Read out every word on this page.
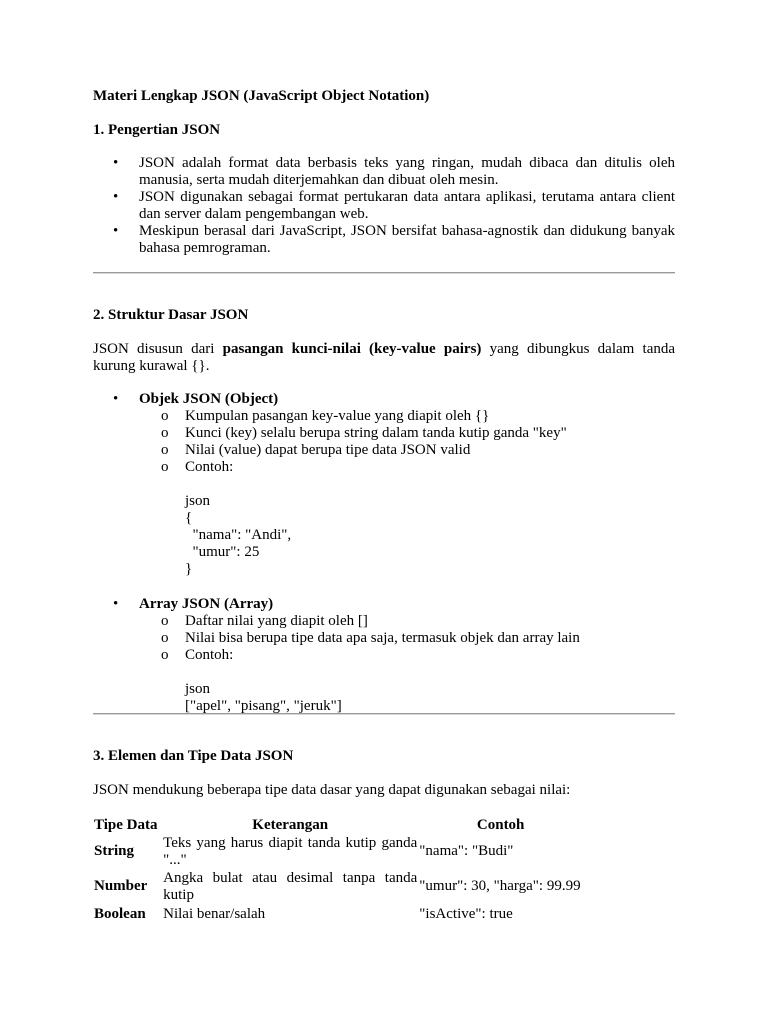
Materi Lengkap JSON (JavaScript Object Notation)
1. Pengertian JSON
• JSON adalah format data berbasis teks yang ringan, mudah dibaca dan ditulis oleh manusia, serta mudah diterjemahkan dan dibuat oleh mesin.
• JSON digunakan sebagai format pertukaran data antara aplikasi, terutama antara client dan server dalam pengembangan web.
• Meskipun berasal dari JavaScript, JSON bersifat bahasa-agnostik dan didukung banyak bahasa pemrograman.
2. Struktur Dasar JSON
JSON disusun dari pasangan kunci-nilai (key-value pairs) yang dibungkus dalam tanda kurung kurawal {}.
• Objek JSON (Object)
o Kumpulan pasangan key-value yang diapit oleh {}
o Kunci (key) selalu berupa string dalam tanda kutip ganda "key"
o Nilai (value) dapat berupa tipe data JSON valid
o Contoh:
json
{
"nama": "Andi",
"umur": 25
}
• Array JSON (Array)
o Daftar nilai yang diapit oleh []
o Nilai bisa berupa tipe data apa saja, termasuk objek dan array lain
o Contoh:
json
["apel", "pisang", "jeruk"]
3. Elemen dan Tipe Data JSON
JSON mendukung beberapa tipe data dasar yang dapat digunakan sebagai nilai:
Tipe Data	Keterangan	Contoh
String	Teks yang harus diapit tanda kutip ganda "..."	"nama": "Budi"
Number	Angka bulat atau desimal tanpa tanda kutip	"umur": 30, "harga": 99.99
Boolean	Nilai benar/salah	"isActive": true
